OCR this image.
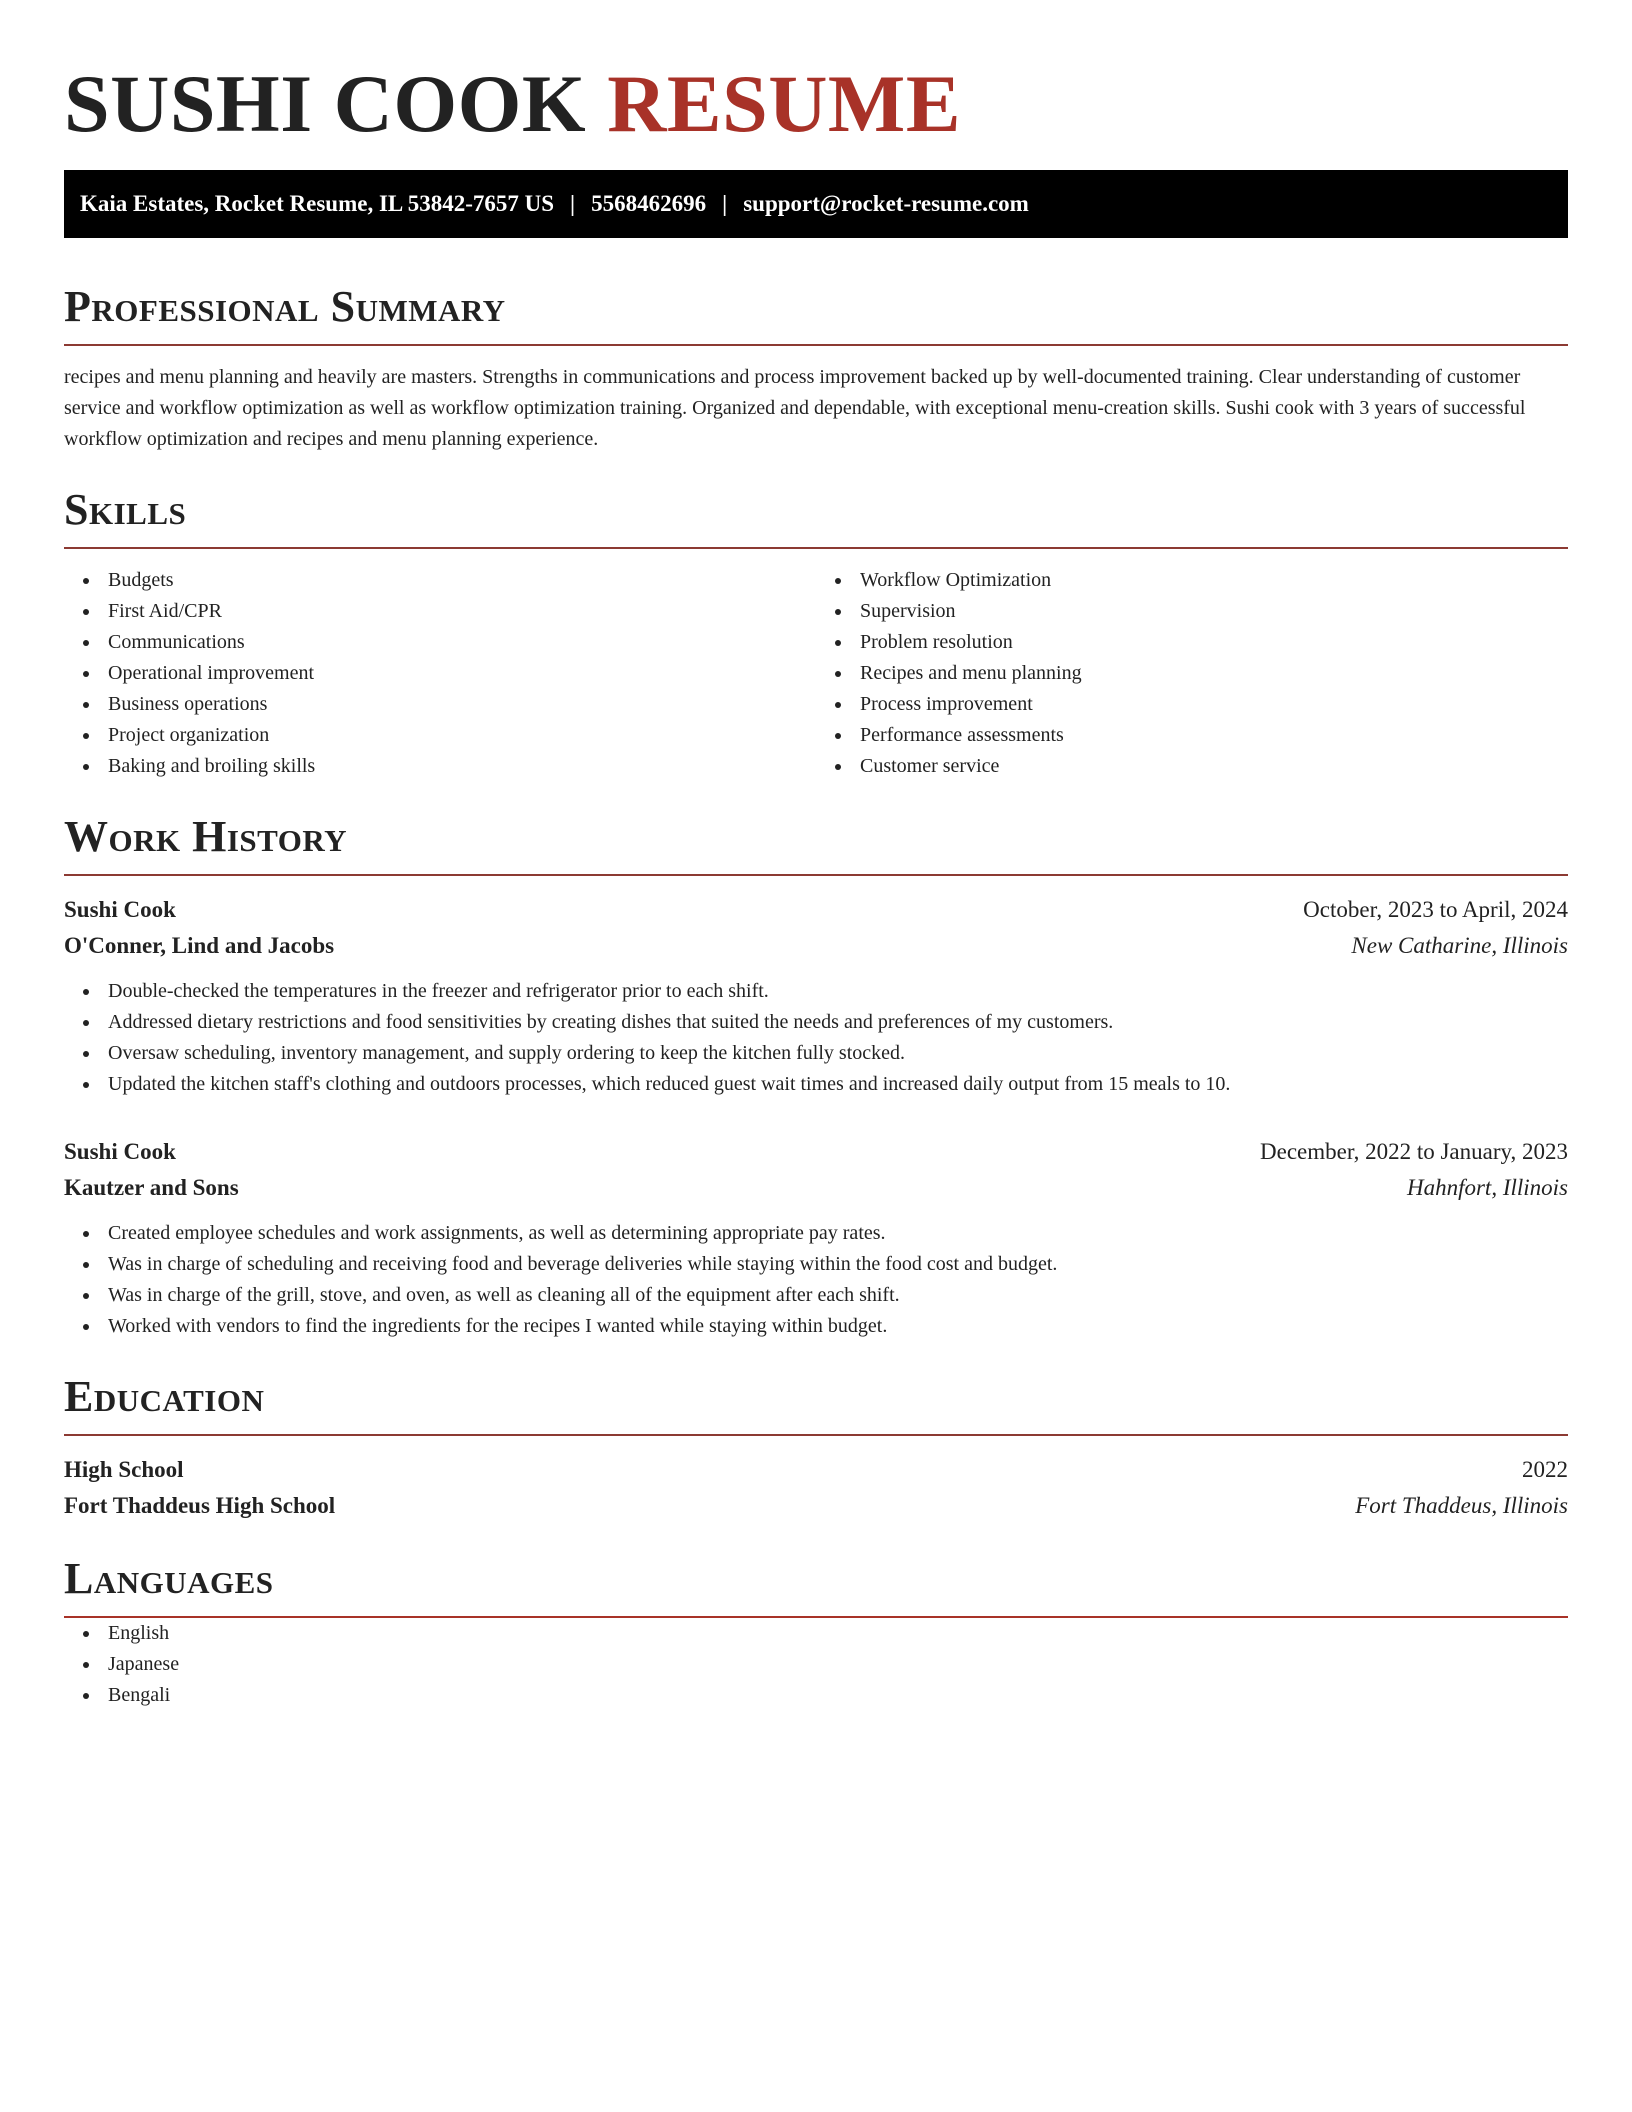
SUSHI COOK RESUME
Kaia Estates, Rocket Resume, IL 53842-7657 US | 5568462696 | support@rocket-resume.com
Professional Summary

recipes and menu planning and heavily are masters. Strengths in communications and process improvement backed up by well-documented training. Clear understanding of customer service and workflow optimization as well as workflow optimization training. Organized and dependable, with exceptional menu-creation skills. Sushi cook with 3 years of successful workflow optimization and recipes and menu planning experience.

Skills
Budgets
First Aid/CPR
Communications
Operational improvement
Business operations
Project organization
Baking and broiling skills
Workflow Optimization
Supervision
Problem resolution
Recipes and menu planning
Process improvement
Performance assessments
Customer service
Work History
Sushi Cook	October, 2023 to April, 2024
O'Conner, Lind and Jacobs	New Catharine, Illinois
Double-checked the temperatures in the freezer and refrigerator prior to each shift.
Addressed dietary restrictions and food sensitivities by creating dishes that suited the needs and preferences of my customers.
Oversaw scheduling, inventory management, and supply ordering to keep the kitchen fully stocked.
Updated the kitchen staff's clothing and outdoors processes, which reduced guest wait times and increased daily output from 15 meals to 10.
Sushi Cook	December, 2022 to January, 2023
Kautzer and Sons	Hahnfort, Illinois
Created employee schedules and work assignments, as well as determining appropriate pay rates.
Was in charge of scheduling and receiving food and beverage deliveries while staying within the food cost and budget.
Was in charge of the grill, stove, and oven, as well as cleaning all of the equipment after each shift.
Worked with vendors to find the ingredients for the recipes I wanted while staying within budget.
Education
High School	2022
Fort Thaddeus High School	Fort Thaddeus, Illinois
Languages
English
Japanese
Bengali
